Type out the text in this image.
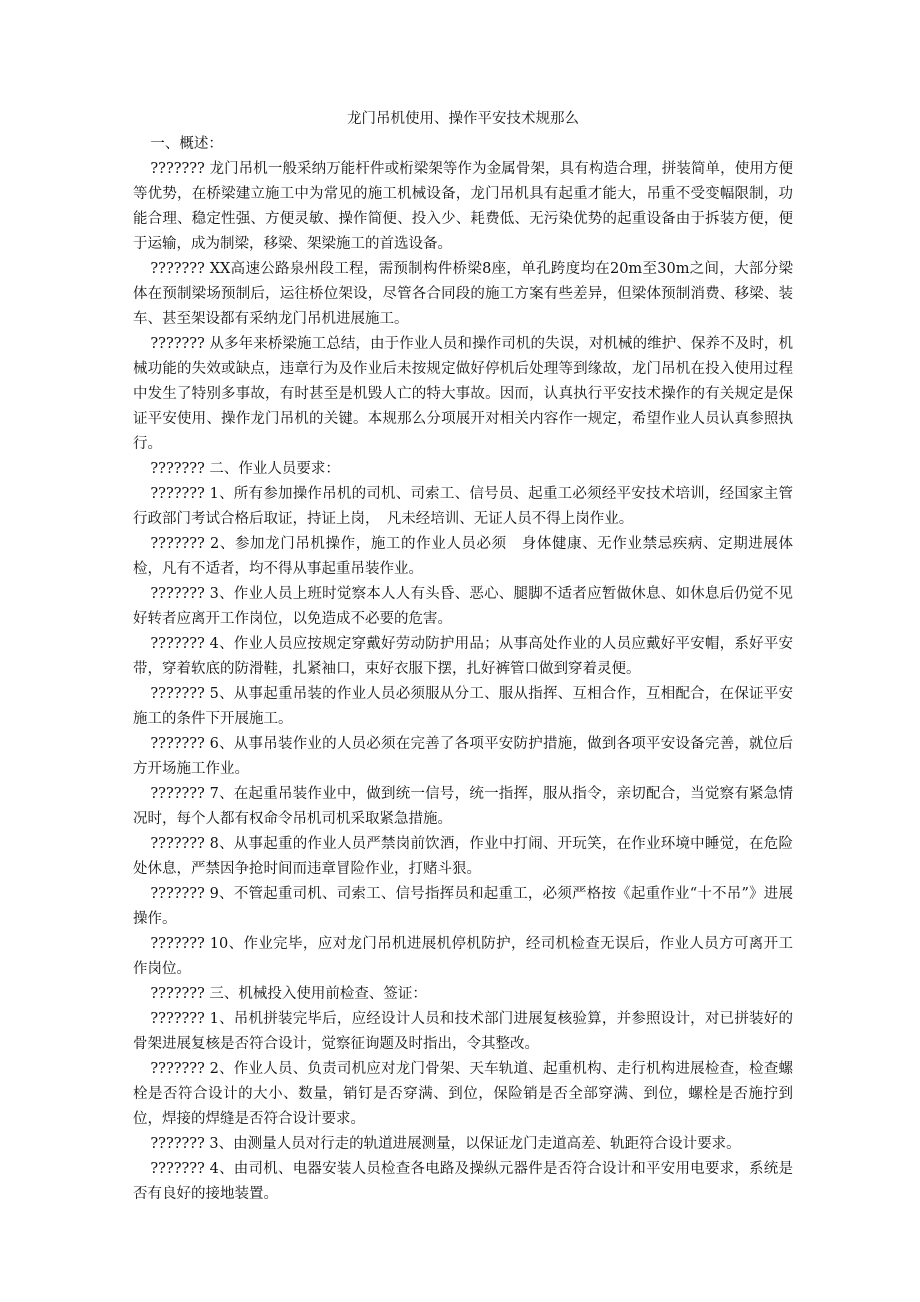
龙门吊机使用、操作平安技术规那么

一、概述：

??????? 龙门吊机一般采纳万能杆件或桁梁架等作为金属骨架，具有构造合理，拼装简单，使用方便等优势，在桥梁建立施工中为常见的施工机械设备，龙门吊机具有起重才能大，吊重不受变幅限制，功能合理、稳定性强、方便灵敏、操作简便、投入少、耗费低、无污染优势的起重设备由于拆装方便，便于运输，成为制梁，移梁、架梁施工的首选设备。

??????? XX高速公路泉州段工程，需预制构件桥梁8座，单孔跨度均在20m至30m之间，大部分梁体在预制梁场预制后，运往桥位架设，尽管各合同段的施工方案有些差异，但梁体预制消费、移梁、装车、甚至架设都有采纳龙门吊机进展施工。

??????? 从多年来桥梁施工总结，由于作业人员和操作司机的失误，对机械的维护、保养不及时，机械功能的失效或缺点，违章行为及作业后未按规定做好停机后处理等到缘故，龙门吊机在投入使用过程中发生了特别多事故，有时甚至是机毁人亡的特大事故。因而，认真执行平安技术操作的有关规定是保证平安使用、操作龙门吊机的关键。本规那么分项展开对相关内容作一规定，希望作业人员认真参照执行。

??????? 二、作业人员要求：

??????? 1、所有参加操作吊机的司机、司索工、信号员、起重工必须经平安技术培训，经国家主管行政部门考试合格后取证，持证上岗，　凡未经培训、无证人员不得上岗作业。

??????? 2、参加龙门吊机操作，施工的作业人员必须　身体健康、无作业禁忌疾病、定期进展体检，凡有不适者，均不得从事起重吊装作业。

??????? 3、作业人员上班时觉察本人人有头昏、恶心、腿脚不适者应暂做休息、如休息后仍觉不见好转者应离开工作岗位，以免造成不必要的危害。

??????? 4、作业人员应按规定穿戴好劳动防护用品；从事高处作业的人员应戴好平安帽，系好平安带，穿着软底的防滑鞋，扎紧袖口，束好衣服下摆，扎好裤管口做到穿着灵便。

??????? 5、从事起重吊装的作业人员必须服从分工、服从指挥、互相合作，互相配合，在保证平安施工的条件下开展施工。

??????? 6、从事吊装作业的人员必须在完善了各项平安防护措施，做到各项平安设备完善，就位后方开场施工作业。

??????? 7、在起重吊装作业中，做到统一信号，统一指挥，服从指令，亲切配合，当觉察有紧急情况时，每个人都有权命令吊机司机采取紧急措施。

??????? 8、从事起重的作业人员严禁岗前饮酒，作业中打闹、开玩笑，在作业环境中睡觉，在危险处休息，严禁因争抢时间而违章冒险作业，打赌斗狠。

??????? 9、不管起重司机、司索工、信号指挥员和起重工，必须严格按《起重作业“十不吊”》进展操作。

??????? 10、作业完毕，应对龙门吊机进展机停机防护，经司机检查无误后，作业人员方可离开工作岗位。

??????? 三、机械投入使用前检查、签证：

??????? 1、吊机拼装完毕后，应经设计人员和技术部门进展复核验算，并参照设计，对已拼装好的骨架进展复核是否符合设计，觉察征询题及时指出，令其整改。

??????? 2、作业人员、负责司机应对龙门骨架、天车轨道、起重机构、走行机构进展检查，检查螺栓是否符合设计的大小、数量，销钉是否穿满、到位，保险销是否全部穿满、到位，螺栓是否施拧到位，焊接的焊缝是否符合设计要求。

??????? 3、由测量人员对行走的轨道进展测量，以保证龙门走道高差、轨距符合设计要求。

??????? 4、由司机、电器安装人员检查各电路及操纵元器件是否符合设计和平安用电要求，系统是否有良好的接地装置。
